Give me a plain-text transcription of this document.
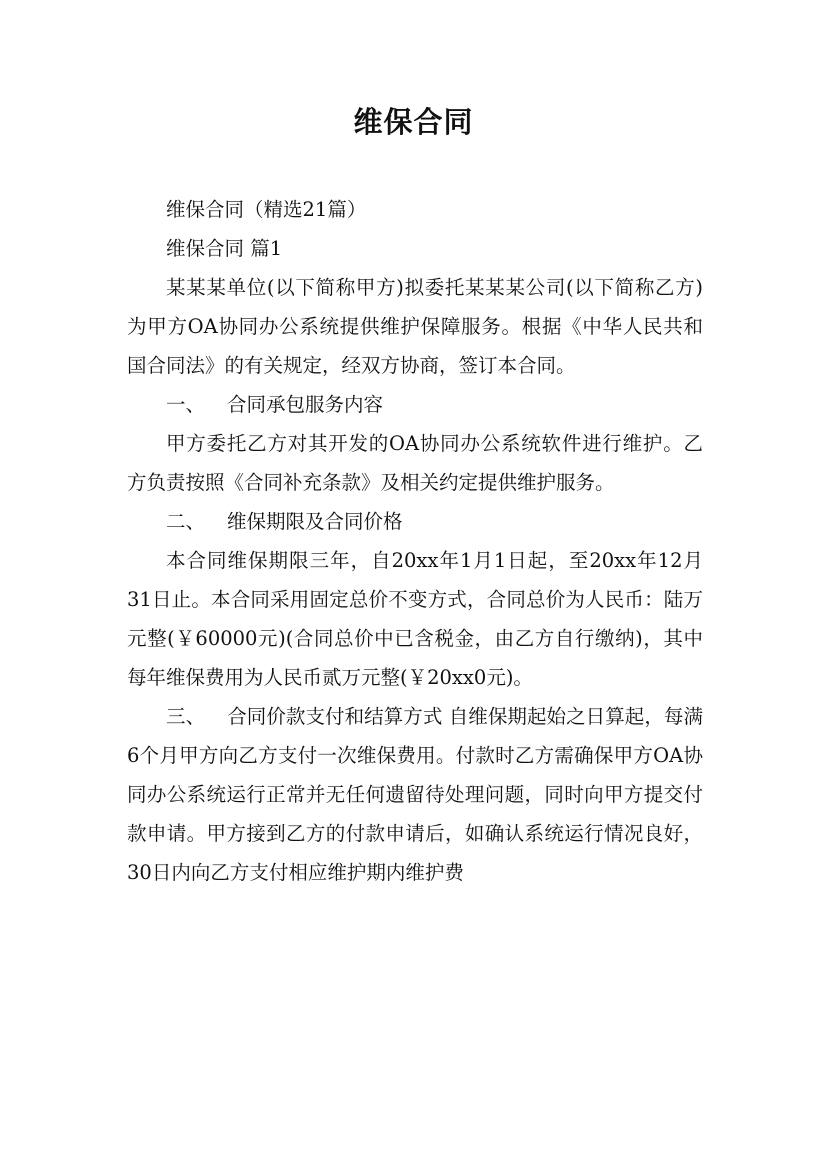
维保合同

维保合同（精选21篇）

维保合同 篇1

某某某单位(以下简称甲方)拟委托某某某公司(以下简称乙方)为甲方OA协同办公系统提供维护保障服务。根据《中华人民共和国合同法》的有关规定，经双方协商，签订本合同。

一、 合同承包服务内容

甲方委托乙方对其开发的OA协同办公系统软件进行维护。乙方负责按照《合同补充条款》及相关约定提供维护服务。

二、 维保期限及合同价格

本合同维保期限三年，自20xx年1月1日起，至20xx年12月31日止。本合同采用固定总价不变方式，合同总价为人民币：陆万元整(￥60000元)(合同总价中已含税金，由乙方自行缴纳)，其中每年维保费用为人民币贰万元整(￥20xx0元)。

三、 合同价款支付和结算方式 自维保期起始之日算起，每满6个月甲方向乙方支付一次维保费用。付款时乙方需确保甲方OA协同办公系统运行正常并无任何遗留待处理问题，同时向甲方提交付款申请。甲方接到乙方的付款申请后，如确认系统运行情况良好，30日内向乙方支付相应维护期内维护费
